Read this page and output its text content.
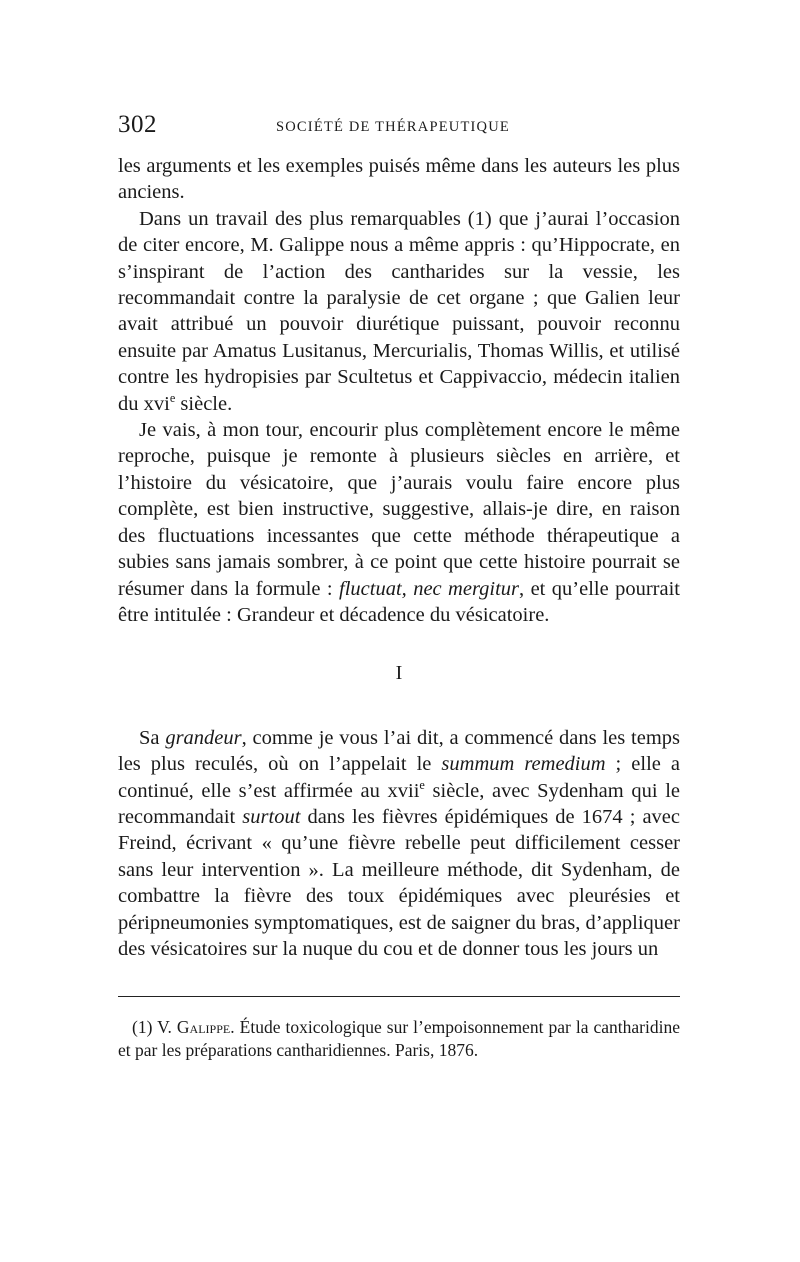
302	SOCIÉTÉ DE THÉRAPEUTIQUE

les arguments et les exemples puisés même dans les auteurs les plus anciens.

Dans un travail des plus remarquables (1) que j’aurai l’occasion de citer encore, M. Galippe nous a même appris : qu’Hippocrate, en s’inspirant de l’action des cantharides sur la vessie, les recommandait contre la paralysie de cet organe ; que Galien leur avait attribué un pouvoir diurétique puissant, pouvoir reconnu ensuite par Amatus Lusitanus, Mercurialis, Thomas Willis, et utilisé contre les hydropisies par Scultetus et Cappivaccio, médecin italien du xvi$^e$ siècle.

Je vais, à mon tour, encourir plus complètement encore le même reproche, puisque je remonte à plusieurs siècles en arrière, et l’histoire du vésicatoire, que j’aurais voulu faire encore plus complète, est bien instructive, suggestive, allais-je dire, en raison des fluctuations incessantes que cette méthode thérapeutique a subies sans jamais sombrer, à ce point que cette histoire pourrait se résumer dans la formule : fluctuat, nec mergitur, et qu’elle pourrait être intitulée : Grandeur et décadence du vésicatoire.

I

Sa grandeur, comme je vous l’ai dit, a commencé dans les temps les plus reculés, où on l’appelait le summum remedium ; elle a continué, elle s’est affirmée au xvii$^e$ siècle, avec Sydenham qui le recommandait surtout dans les fièvres épidémiques de 1674 ; avec Freind, écrivant « qu’une fièvre rebelle peut difficilement cesser sans leur intervention ». La meilleure méthode, dit Sydenham, de combattre la fièvre des toux épidémiques avec pleurésies et péripneumonies symptomatiques, est de saigner du bras, d’appliquer des vésicatoires sur la nuque du cou et de donner tous les jours un

(1) V. Galippe. Étude toxicologique sur l’empoisonnement par la cantharidine et par les préparations cantharidiennes. Paris, 1876.
